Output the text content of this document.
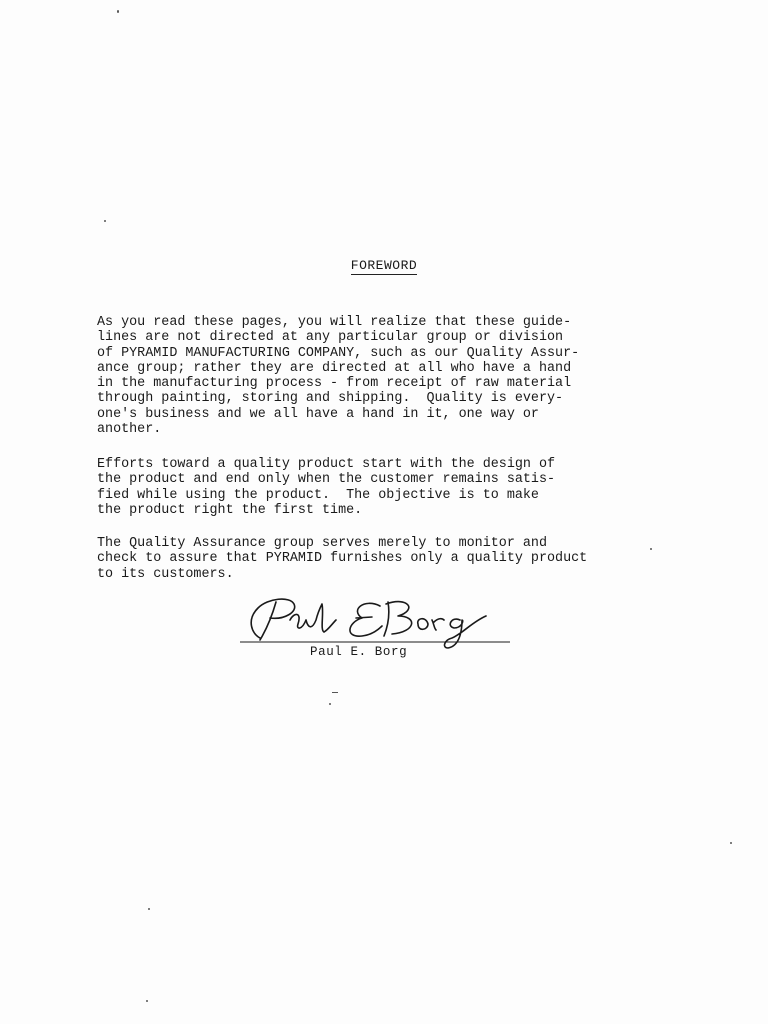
FOREWORD

As you read these pages, you will realize that these guide-
lines are not directed at any particular group or division
of PYRAMID MANUFACTURING COMPANY, such as our Quality Assur-
ance group; rather they are directed at all who have a hand
in the manufacturing process - from receipt of raw material
through painting, storing and shipping.  Quality is every-
one's business and we all have a hand in it, one way or
another.

Efforts toward a quality product start with the design of
the product and end only when the customer remains satis-
fied while using the product.  The objective is to make
the product right the first time.

The Quality Assurance group serves merely to monitor and
check to assure that PYRAMID furnishes only a quality product
to its customers.

Paul E. Borg
